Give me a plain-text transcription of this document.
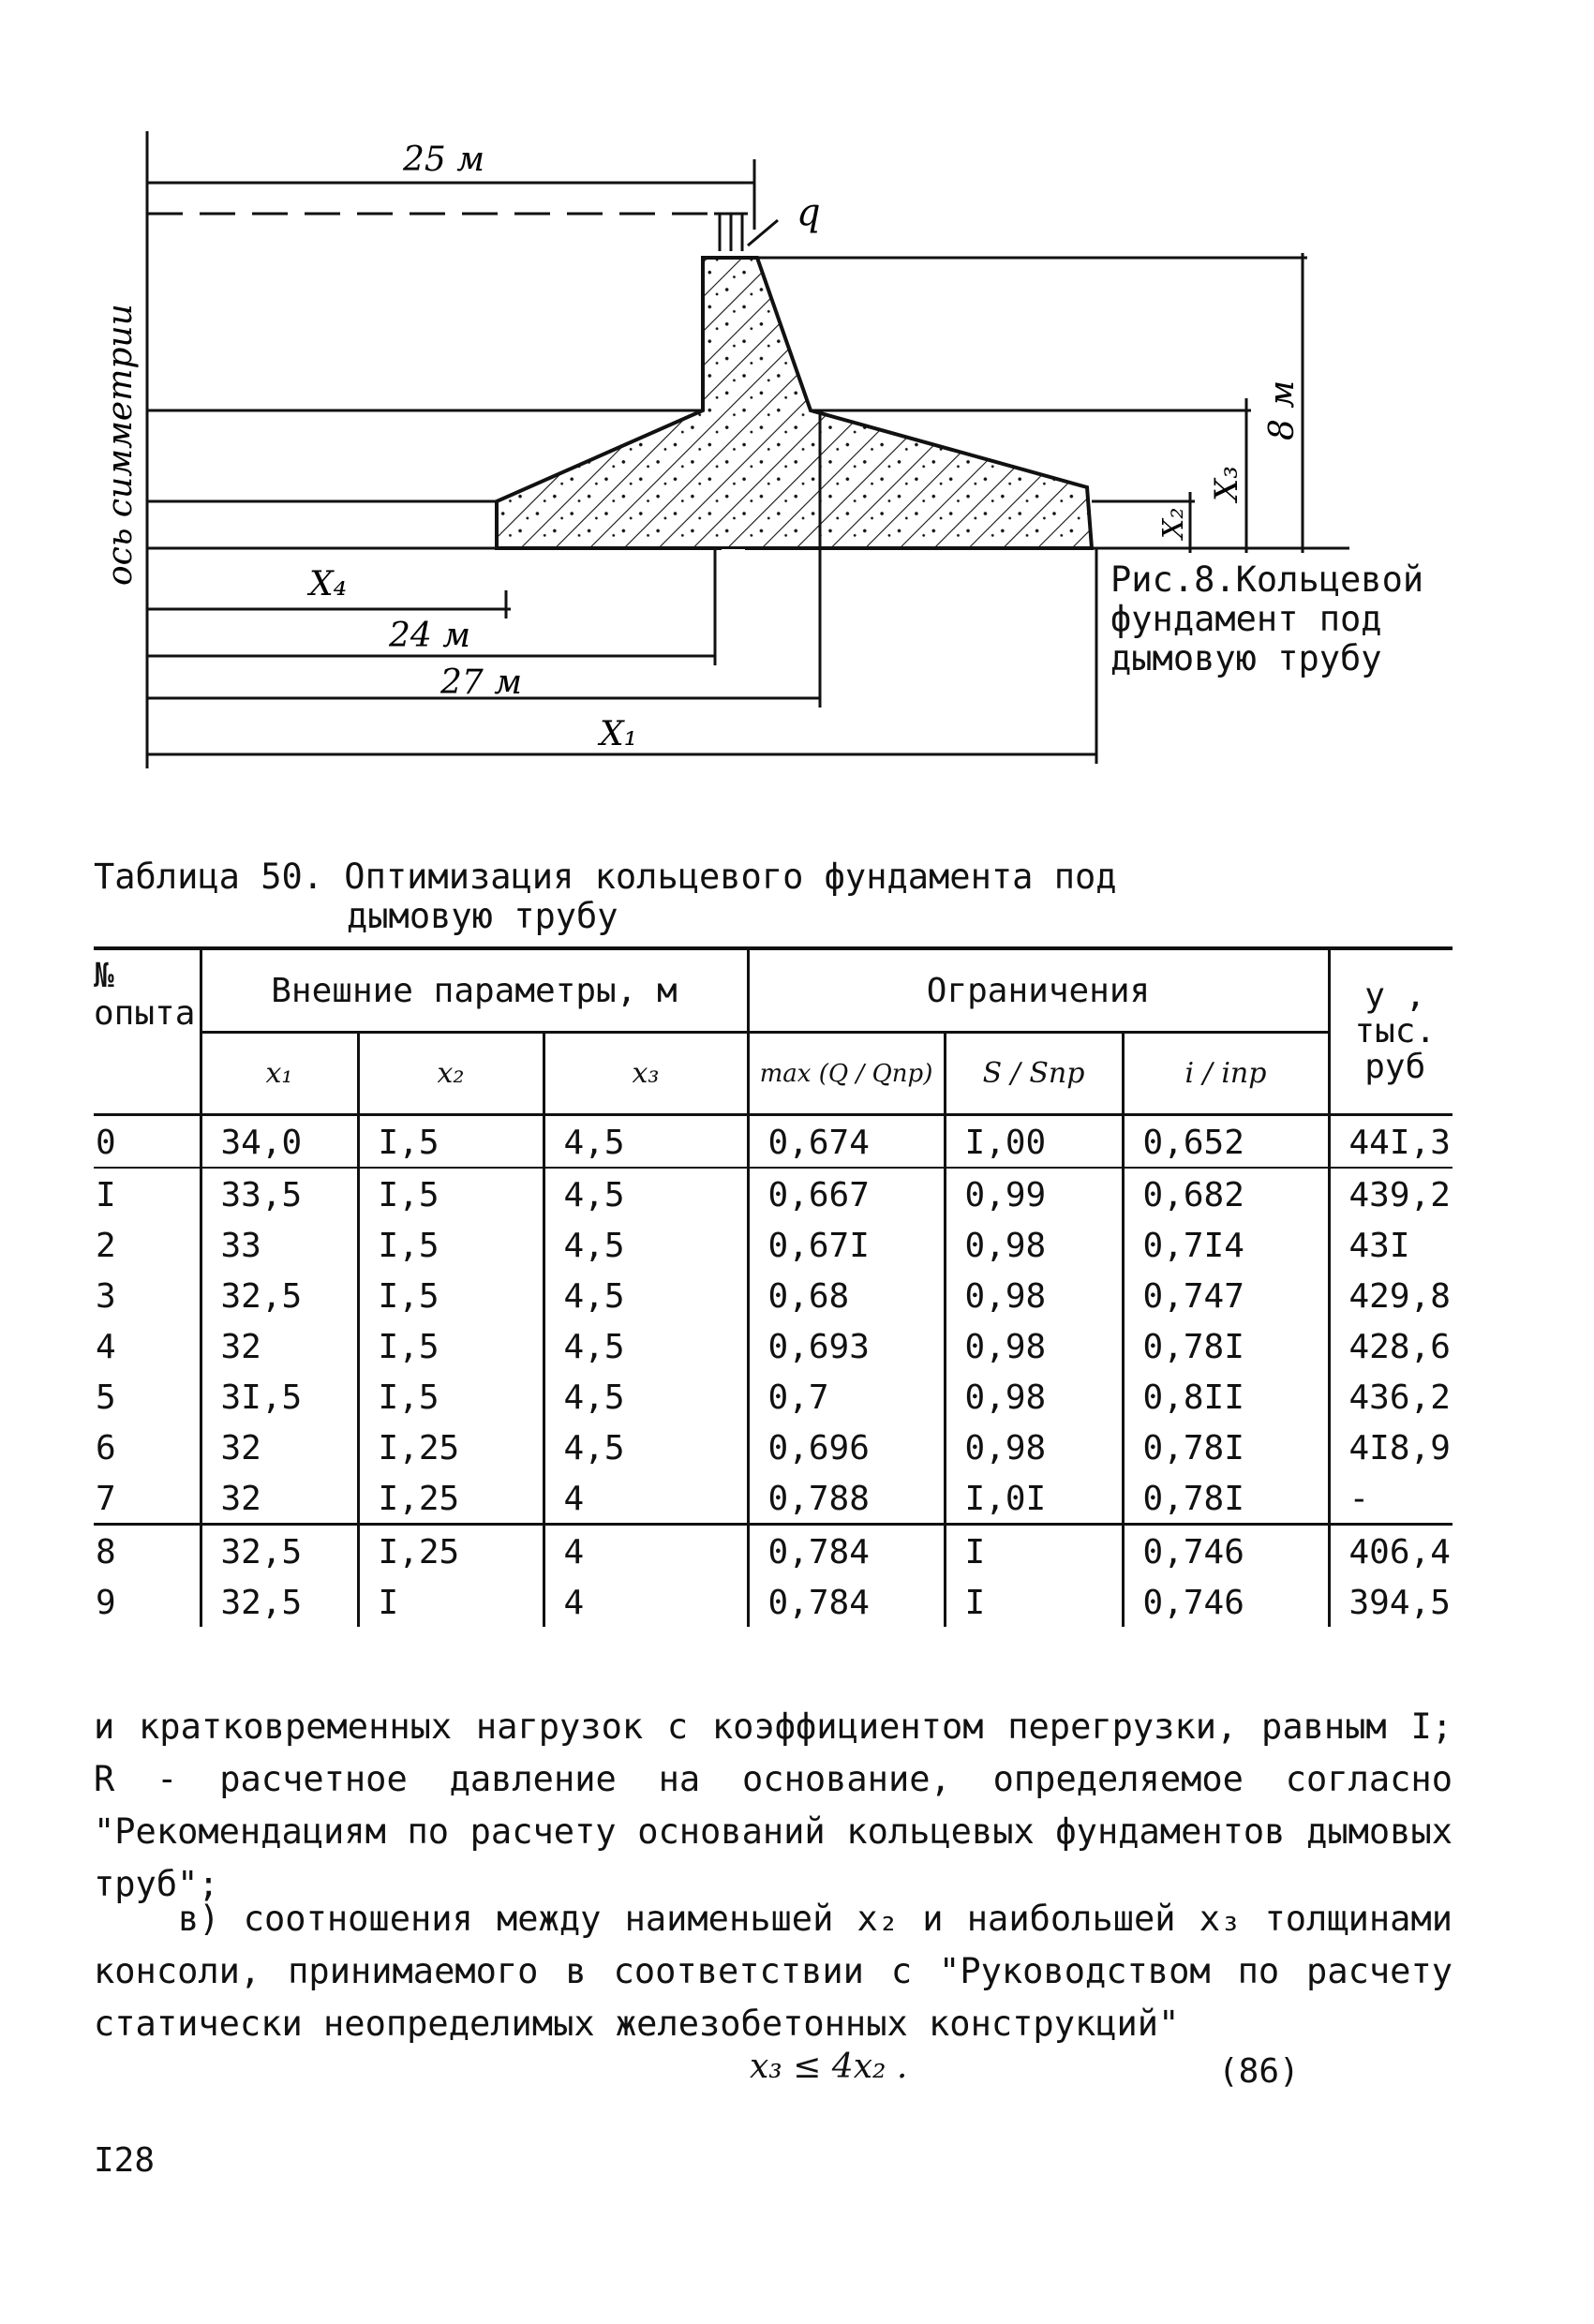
25 м
q
8 м
X₃
X₂
X₄
24 м
27 м
X₁
ось симметрии	Рис.8.Кольцевой фундамент под дымовую трубу
Таблица 50. Оптимизация кольцевого фундамента под
дымовую трубу
№ опыта	Внешние параметры, м			Ограничения			y , тыс. руб
	x₁	x₂	x₃	max (Q / Qпр)	S / Sпр	i / iпр	
0	34,0	I,5	4,5	0,674	I,00	0,652	44I,3
I	33,5	I,5	4,5	0,667	0,99	0,682	439,2
2	33	I,5	4,5	0,67I	0,98	0,7I4	43I
3	32,5	I,5	4,5	0,68	0,98	0,747	429,8
4	32	I,5	4,5	0,693	0,98	0,78I	428,6
5	3I,5	I,5	4,5	0,7	0,98	0,8II	436,2
6	32	I,25	4,5	0,696	0,98	0,78I	4I8,9
7	32	I,25	4	0,788	I,0I	0,78I	-
8	32,5	I,25	4	0,784	I	0,746	406,4
9	32,5	I	4	0,784	I	0,746	394,5
и кратковременных нагрузок с коэффициентом перегрузки, равным I; R - расчетное давление на основание, определяемое согласно "Рекомендациям по расчету оснований кольцевых фундаментов дымовых труб";
в) соотношения между наименьшей x₂ и наибольшей x₃ толщинами консоли, принимаемого в соответствии с "Руководством по расчету статически неопределимых железобетонных конструкций"
x₃ ≤ 4x₂ .	(86)
I28
